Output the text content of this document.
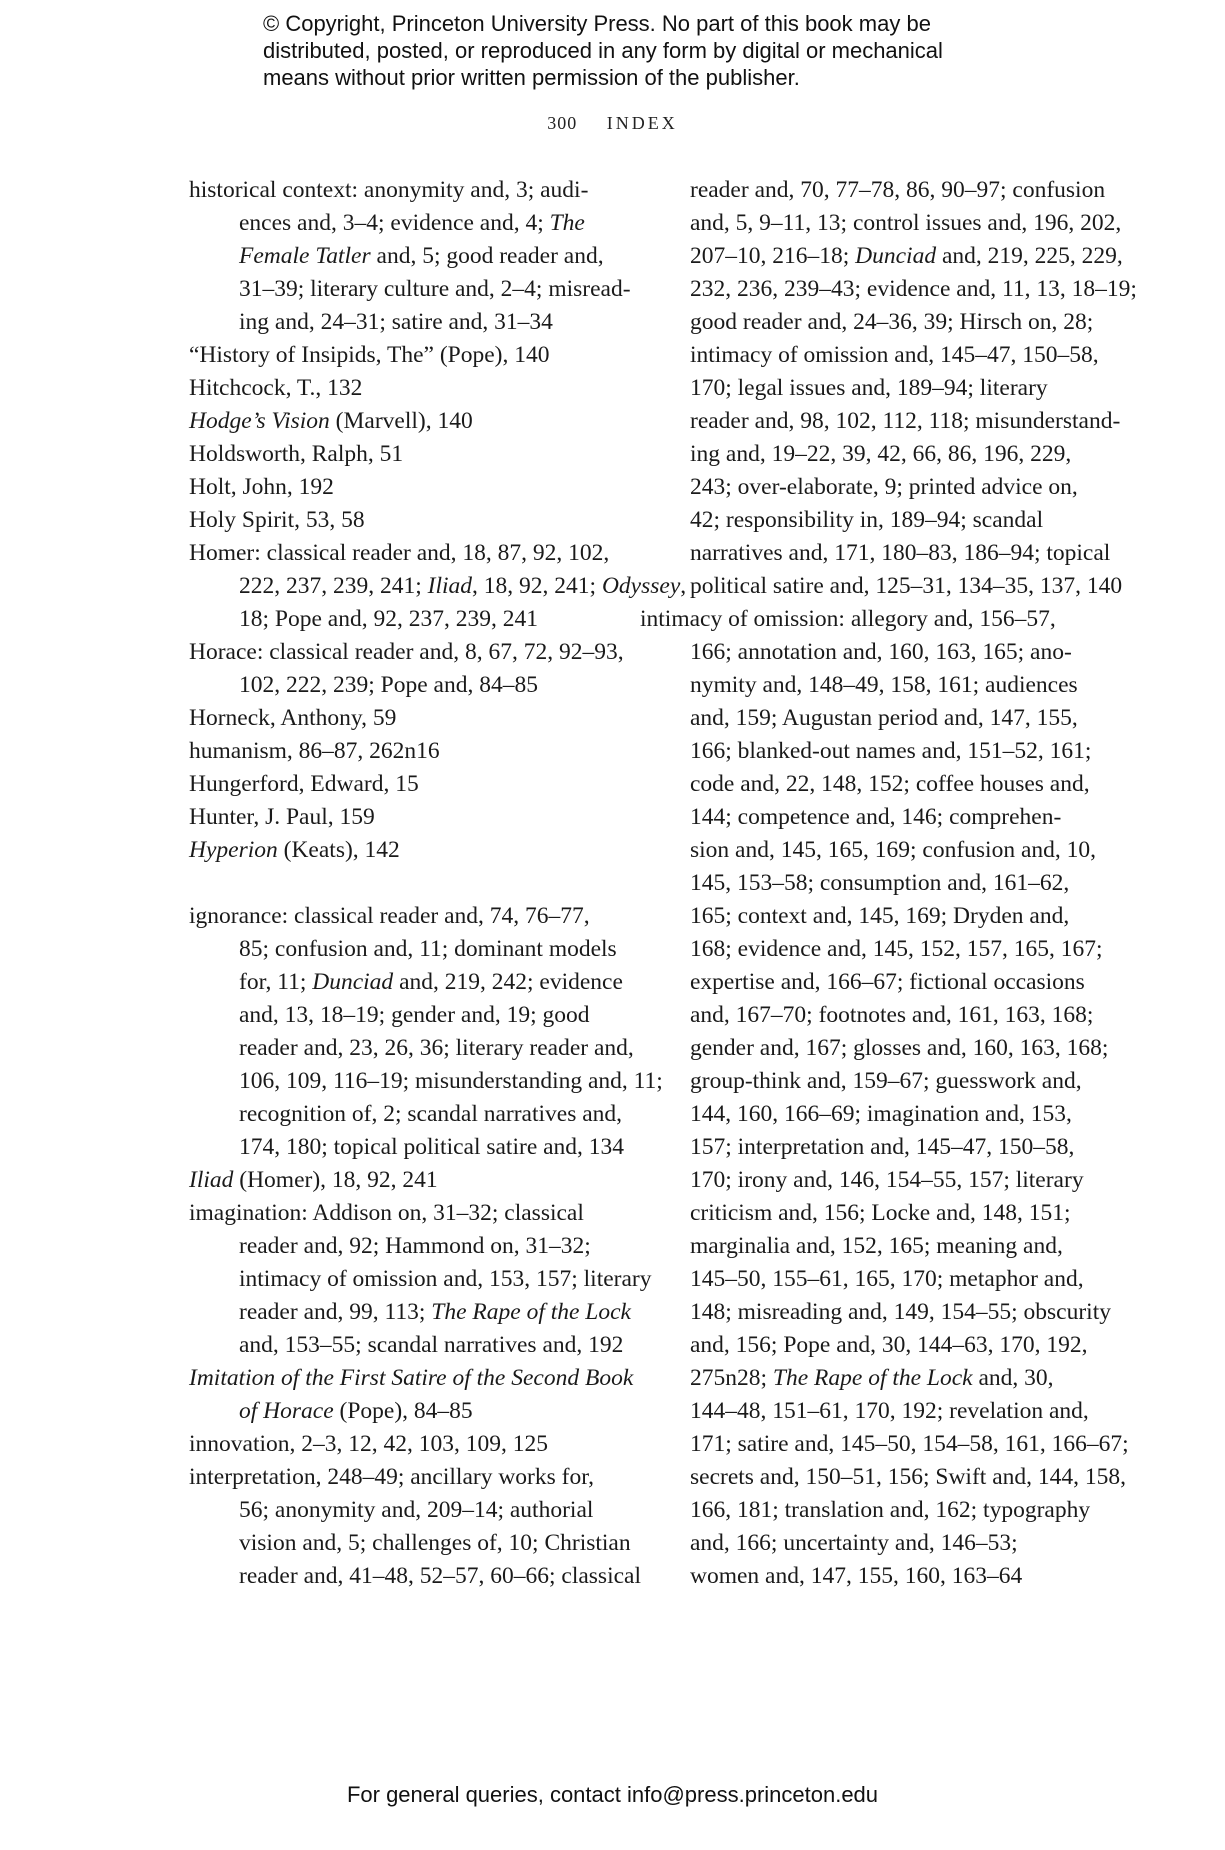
© Copyright, Princeton University Press. No part of this book may be
distributed, posted, or reproduced in any form by digital or mechanical
means without prior written permission of the publisher.
300 INDEX
historical context: anonymity and, 3; audi-
ences and, 3–4; evidence and, 4; The
Female Tatler and, 5; good reader and,
31–39; literary culture and, 2–4; misread-
ing and, 24–31; satire and, 31–34
“History of Insipids, The” (Pope), 140
Hitchcock, T., 132
Hodge’s Vision (Marvell), 140
Holdsworth, Ralph, 51
Holt, John, 192
Holy Spirit, 53, 58
Homer: classical reader and, 18, 87, 92, 102,
222, 237, 239, 241; Iliad, 18, 92, 241; Odyssey,
18; Pope and, 92, 237, 239, 241
Horace: classical reader and, 8, 67, 72, 92–93,
102, 222, 239; Pope and, 84–85
Horneck, Anthony, 59
humanism, 86–87, 262n16
Hungerford, Edward, 15
Hunter, J. Paul, 159
Hyperion (Keats), 142
ignorance: classical reader and, 74, 76–77,
85; confusion and, 11; dominant models
for, 11; Dunciad and, 219, 242; evidence
and, 13, 18–19; gender and, 19; good
reader and, 23, 26, 36; literary reader and,
106, 109, 116–19; misunderstanding and, 11;
recognition of, 2; scandal narratives and,
174, 180; topical political satire and, 134
Iliad (Homer), 18, 92, 241
imagination: Addison on, 31–32; classical
reader and, 92; Hammond on, 31–32;
intimacy of omission and, 153, 157; literary
reader and, 99, 113; The Rape of the Lock
and, 153–55; scandal narratives and, 192
Imitation of the First Satire of the Second Book
of Horace (Pope), 84–85
innovation, 2–3, 12, 42, 103, 109, 125
interpretation, 248–49; ancillary works for,
56; anonymity and, 209–14; authorial
vision and, 5; challenges of, 10; Christian
reader and, 41–48, 52–57, 60–66; classical
reader and, 70, 77–78, 86, 90–97; confusion
and, 5, 9–11, 13; control issues and, 196, 202,
207–10, 216–18; Dunciad and, 219, 225, 229,
232, 236, 239–43; evidence and, 11, 13, 18–19;
good reader and, 24–36, 39; Hirsch on, 28;
intimacy of omission and, 145–47, 150–58,
170; legal issues and, 189–94; literary
reader and, 98, 102, 112, 118; misunderstand-
ing and, 19–22, 39, 42, 66, 86, 196, 229,
243; over-elaborate, 9; printed advice on,
42; responsibility in, 189–94; scandal
narratives and, 171, 180–83, 186–94; topical
political satire and, 125–31, 134–35, 137, 140
intimacy of omission: allegory and, 156–57,
166; annotation and, 160, 163, 165; ano-
nymity and, 148–49, 158, 161; audiences
and, 159; Augustan period and, 147, 155,
166; blanked-out names and, 151–52, 161;
code and, 22, 148, 152; coffee houses and,
144; competence and, 146; comprehen-
sion and, 145, 165, 169; confusion and, 10,
145, 153–58; consumption and, 161–62,
165; context and, 145, 169; Dryden and,
168; evidence and, 145, 152, 157, 165, 167;
expertise and, 166–67; fictional occasions
and, 167–70; footnotes and, 161, 163, 168;
gender and, 167; glosses and, 160, 163, 168;
group-think and, 159–67; guesswork and,
144, 160, 166–69; imagination and, 153,
157; interpretation and, 145–47, 150–58,
170; irony and, 146, 154–55, 157; literary
criticism and, 156; Locke and, 148, 151;
marginalia and, 152, 165; meaning and,
145–50, 155–61, 165, 170; metaphor and,
148; misreading and, 149, 154–55; obscurity
and, 156; Pope and, 30, 144–63, 170, 192,
275n28; The Rape of the Lock and, 30,
144–48, 151–61, 170, 192; revelation and,
171; satire and, 145–50, 154–58, 161, 166–67;
secrets and, 150–51, 156; Swift and, 144, 158,
166, 181; translation and, 162; typography
and, 166; uncertainty and, 146–53;
women and, 147, 155, 160, 163–64
For general queries, contact info@press.princeton.edu
